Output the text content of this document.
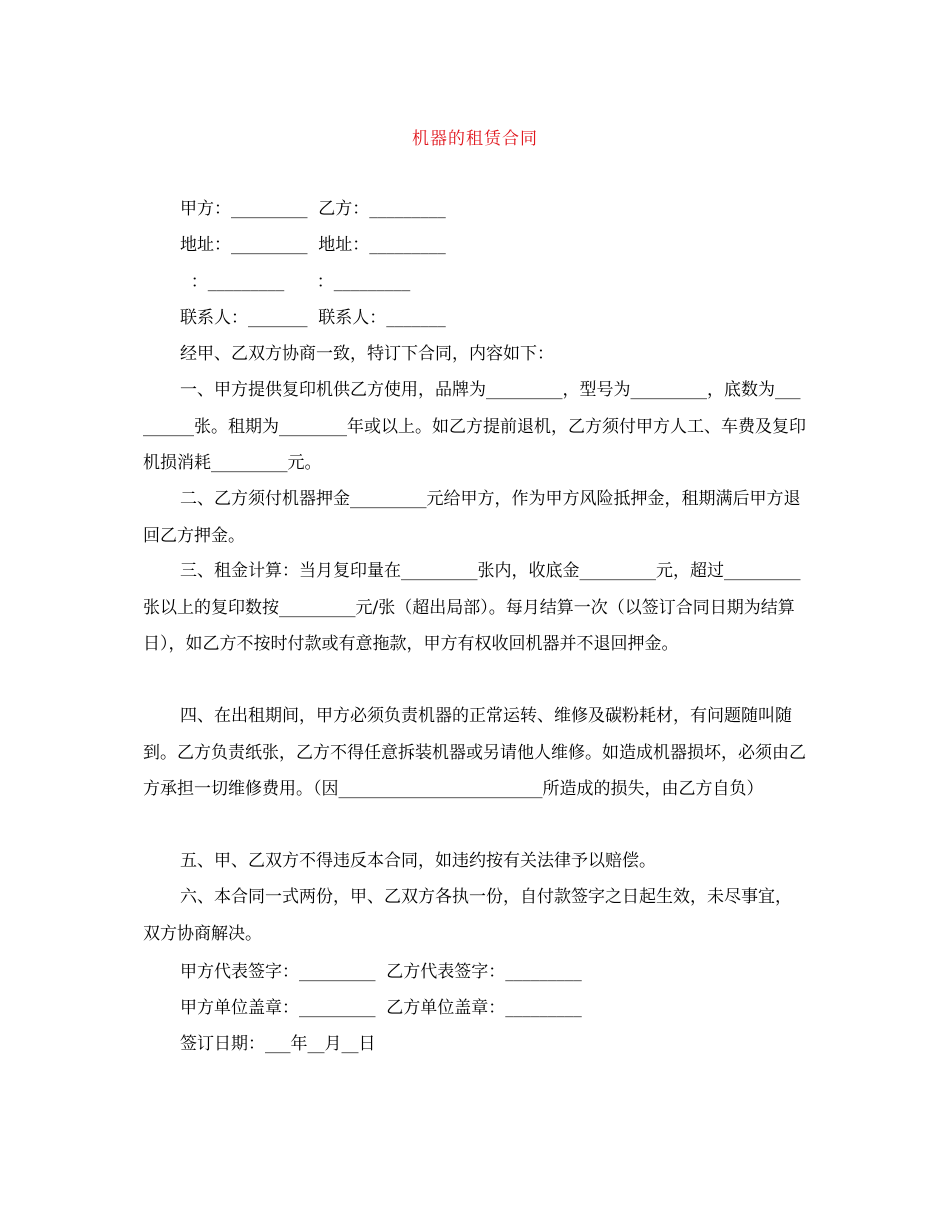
机器的租赁合同
甲方：_________  乙方：_________
地址：_________  地址：_________
：_________      ：_________
联系人：_______  联系人：_______
经甲、乙双方协商一致，特订下合同，内容如下：
一、甲方提供复印机供乙方使用，品牌为_________，型号为_________，底数为_________张。租期为________年或以上。如乙方提前退机，乙方须付甲方人工、车费及复印机损消耗_________元。
二、乙方须付机器押金_________元给甲方，作为甲方风险抵押金，租期满后甲方退回乙方押金。
三、租金计算：当月复印量在_________张内，收底金_________元，超过_________ 张以上的复印数按_________元/张（超出局部）。每月结算一次（以签订合同日期为结算日），如乙方不按时付款或有意拖款，甲方有权收回机器并不退回押金。
四、在出租期间，甲方必须负责机器的正常运转、维修及碳粉耗材，有问题随叫随到。乙方负责纸张，乙方不得任意拆装机器或另请他人维修。如造成机器损坏，必须由乙方承担一切维修费用。（因________________________所造成的损失，由乙方自负）
五、甲、乙双方不得违反本合同，如违约按有关法律予以赔偿。
六、本合同一式两份，甲、乙双方各执一份，自付款签字之日起生效，未尽事宜，双方协商解决。
甲方代表签字：_________  乙方代表签字：_________
甲方单位盖章：_________  乙方单位盖章：_________
签订日期：___年__月__日
